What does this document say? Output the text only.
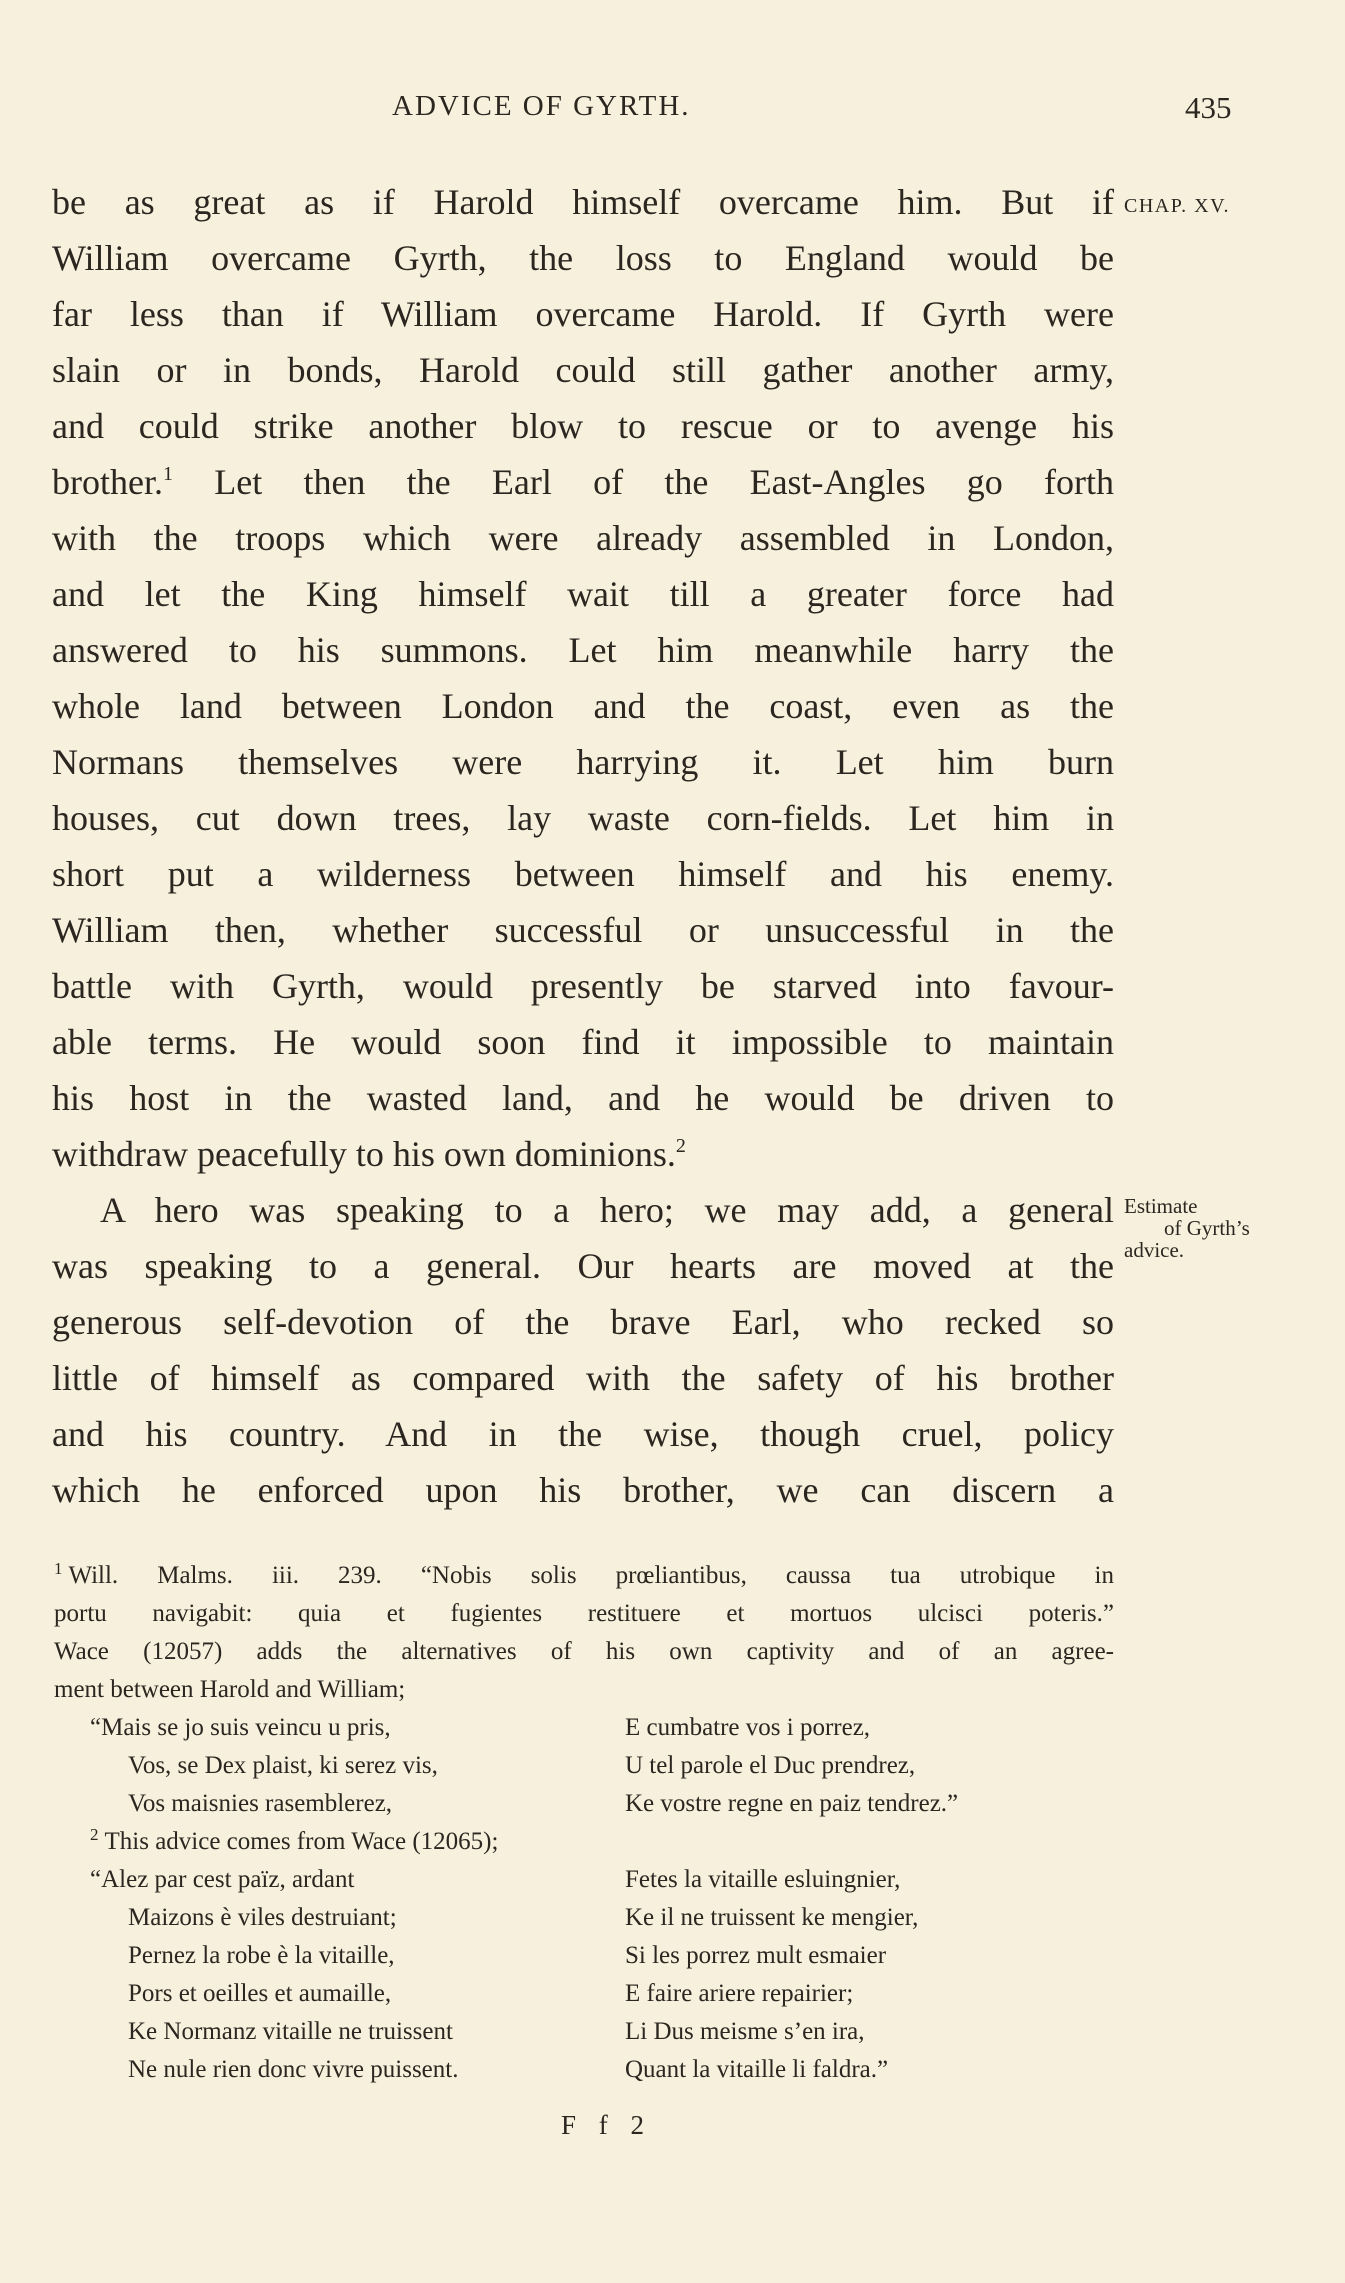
ADVICE OF GYRTH.	435
be as great as if Harold himself overcame him. But if
William overcame Gyrth, the loss to England would be
far less than if William overcame Harold. If Gyrth were
slain or in bonds, Harold could still gather another army,
and could strike another blow to rescue or to avenge his
brother.$^1$ Let then the Earl of the East-Angles go forth
with the troops which were already assembled in London,
and let the King himself wait till a greater force had
answered to his summons. Let him meanwhile harry the
whole land between London and the coast, even as the
Normans themselves were harrying it. Let him burn
houses, cut down trees, lay waste corn-fields. Let him in
short put a wilderness between himself and his enemy.
William then, whether successful or unsuccessful in the
battle with Gyrth, would presently be starved into favour-
able terms. He would soon find it impossible to maintain
his host in the wasted land, and he would be driven to
withdraw peacefully to his own dominions.$^2$
A hero was speaking to a hero; we may add, a general
was speaking to a general. Our hearts are moved at the
generous self-devotion of the brave Earl, who recked so
little of himself as compared with the safety of his brother
and his country. And in the wise, though cruel, policy
which he enforced upon his brother, we can discern a
CHAP. XV.
Estimate
of Gyrth’s
advice.
$^1$ Will. Malms. iii. 239. “Nobis solis prœliantibus, caussa tua utrobique in
portu navigabit: quia et fugientes restituere et mortuos ulcisci poteris.”
Wace (12057) adds the alternatives of his own captivity and of an agree-
ment between Harold and William;
“Mais se jo suis veincu u pris,
Vos, se Dex plaist, ki serez vis,
Vos maisnies rasemblerez,
E cumbatre vos i porrez,
U tel parole el Duc prendrez,
Ke vostre regne en paiz tendrez.”
$^2$ This advice comes from Wace (12065);
“Alez par cest païz, ardant
Maizons è viles destruiant;
Pernez la robe è la vitaille,
Pors et oeilles et aumaille,
Ke Normanz vitaille ne truissent
Ne nule rien donc vivre puissent.
Fetes la vitaille esluingnier,
Ke il ne truissent ke mengier,
Si les porrez mult esmaier
E faire ariere repairier;
Li Dus meisme s’en ira,
Quant la vitaille li faldra.”
F f 2
